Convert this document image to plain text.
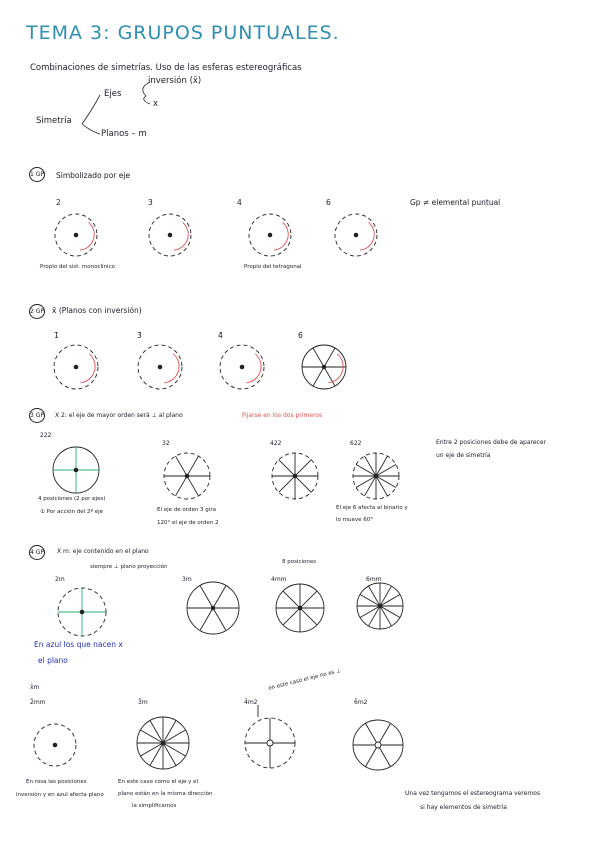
TEMA 3: GRUPOS PUNTUALES.
Combinaciones de simetrías. Uso de las esferas estereográficas
inversión (x̄)
Ejes
x
Simetría
Planos – m
1 GP Simbolizado por eje
2	3	4	6	Gp ≠ elemental puntual
Propio del sist. monoclínico	Propio del tetragonal
2 GP x̄ (Planos con inversión)
1̄	3̄	4̄	6̄
3 GP X 2: el eje de mayor orden será ⊥ al plano	Fijarse en los dos primeros
222
32	422	622
4 posiciones (2 por ejes)
① Por acción del 2º eje	El eje de orden 3 gira
120° el eje de orden 2
El eje 6 afecta al binario y
lo mueve 60°
Entre 2 posiciones debe de aparecer
un eje de simetría
4 GP X m: eje contenido en el plano
siempre ⊥ plano proyección
8 posiciones
2m	3m	4mm	6mm
En azul los que nacen x
el plano
x̄m
2̄mm	3̄m	4̄m2	6̄m2
en este caso el eje no es ⊥
En rosa las posiciones
inversión y en azul afecta plano
En este caso como el eje y el
plano están en la misma dirección
la simplificamos
Una vez tengamos el estereograma veremos
si hay elementos de simetría
